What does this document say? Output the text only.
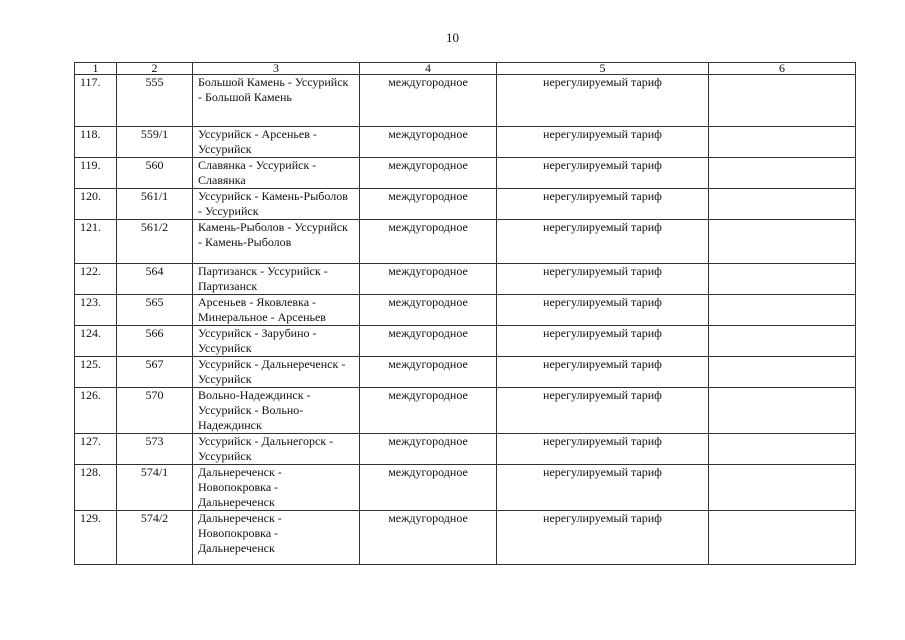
10
1	2	3	4	5	6
117.	555	Большой Камень - Уссурийск - Большой Камень	междугородное	нерегулируемый тариф	
118.	559/1	Уссурийск - Арсеньев - Уссурийск	междугородное	нерегулируемый тариф	
119.	560	Славянка - Уссурийск - Славянка	междугородное	нерегулируемый тариф	
120.	561/1	Уссурийск - Камень-Рыболов - Уссурийск	междугородное	нерегулируемый тариф	
121.	561/2	Камень-Рыболов - Уссурийск - Камень-Рыболов	междугородное	нерегулируемый тариф	
122.	564	Партизанск - Уссурийск - Партизанск	междугородное	нерегулируемый тариф	
123.	565	Арсеньев - Яковлевка - Минеральное - Арсеньев	междугородное	нерегулируемый тариф	
124.	566	Уссурийск - Зарубино - Уссурийск	междугородное	нерегулируемый тариф	
125.	567	Уссурийск - Дальнереченск - Уссурийск	междугородное	нерегулируемый тариф	
126.	570	Вольно-Надеждинск - Уссурийск - Вольно-Надеждинск	междугородное	нерегулируемый тариф	
127.	573	Уссурийск - Дальнегорск - Уссурийск	междугородное	нерегулируемый тариф	
128.	574/1	Дальнереченск - Новопокровка - Дальнереченск	междугородное	нерегулируемый тариф	
129.	574/2	Дальнереченск - Новопокровка - Дальнереченск	междугородное	нерегулируемый тариф	
